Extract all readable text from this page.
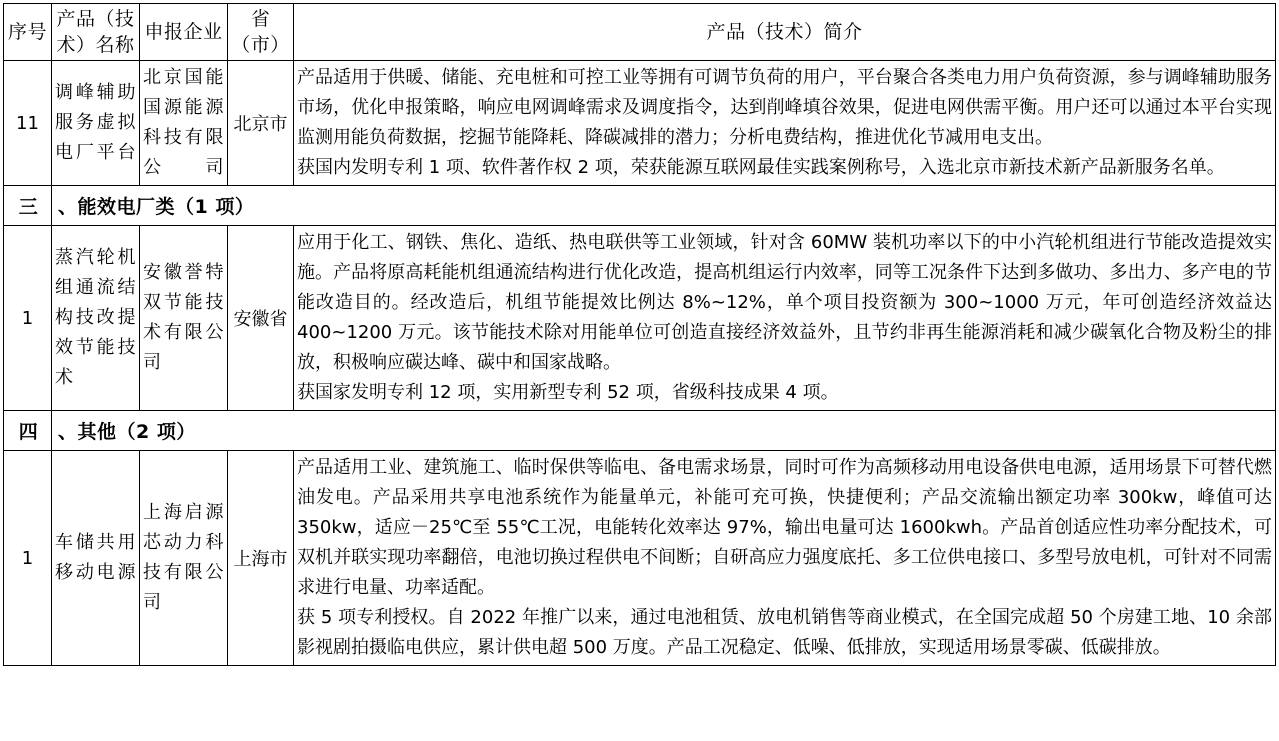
序号	产品（技术）名称	申报企业	省（市）	产品（技术）简介
11	调峰辅助服务虚拟电厂平台	北京国能国源能源科技有限公司	北京市	产品适用于供暖、储能、充电桩和可控工业等拥有可调节负荷的用户，平台聚合各类电力用户负荷资源，参与调峰辅助服务市场，优化申报策略，响应电网调峰需求及调度指令，达到削峰填谷效果，促进电网供需平衡。用户还可以通过本平台实现监测用能负荷数据，挖掘节能降耗、降碳减排的潜力；分析电费结构，推进优化节减用电支出。

获国内发明专利 1 项、软件著作权 2 项，荣获能源互联网最佳实践案例称号，入选北京市新技术新产品新服务名单。

三	、能效电厂类（1 项）			
1	蒸汽轮机组通流结构技改提效节能技术	安徽誉特双节能技术有限公司	安徽省	应用于化工、钢铁、焦化、造纸、热电联供等工业领域，针对含 60MW 装机功率以下的中小汽轮机组进行节能改造提效实施。产品将原高耗能机组通流结构进行优化改造，提高机组运行内效率，同等工况条件下达到多做功、多出力、多产电的节能改造目的。经改造后，机组节能提效比例达 8%~12%，单个项目投资额为 300~1000 万元，年可创造经济效益达 400~1200 万元。该节能技术除对用能单位可创造直接经济效益外，且节约非再生能源消耗和减少碳氧化合物及粉尘的排放，积极响应碳达峰、碳中和国家战略。

获国家发明专利 12 项，实用新型专利 52 项，省级科技成果 4 项。

四	、其他（2 项）			
1	车储共用移动电源	上海启源芯动力科技有限公司	上海市	产品适用工业、建筑施工、临时保供等临电、备电需求场景，同时可作为高频移动用电设备供电电源，适用场景下可替代燃油发电。产品采用共享电池系统作为能量单元，补能可充可换，快捷便利；产品交流输出额定功率 300kw，峰值可达 350kw，适应－25℃至 55℃工况，电能转化效率达 97%，输出电量可达 1600kwh。产品首创适应性功率分配技术，可双机并联实现功率翻倍，电池切换过程供电不间断；自研高应力强度底托、多工位供电接口、多型号放电机，可针对不同需求进行电量、功率适配。

获 5 项专利授权。自 2022 年推广以来，通过电池租赁、放电机销售等商业模式，在全国完成超 50 个房建工地、10 余部影视剧拍摄临电供应，累计供电超 500 万度。产品工况稳定、低噪、低排放，实现适用场景零碳、低碳排放。
